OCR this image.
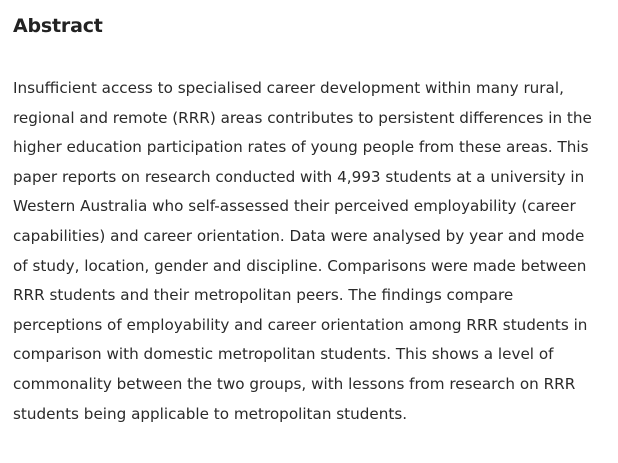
Abstract

Insufficient access to specialised career development within many rural,
regional and remote (RRR) areas contributes to persistent differences in the
higher education participation rates of young people from these areas. This
paper reports on research conducted with 4,993 students at a university in
Western Australia who self-assessed their perceived employability (career
capabilities) and career orientation. Data were analysed by year and mode
of study, location, gender and discipline. Comparisons were made between
RRR students and their metropolitan peers. The findings compare
perceptions of employability and career orientation among RRR students in
comparison with domestic metropolitan students. This shows a level of
commonality between the two groups, with lessons from research on RRR
students being applicable to metropolitan students.
